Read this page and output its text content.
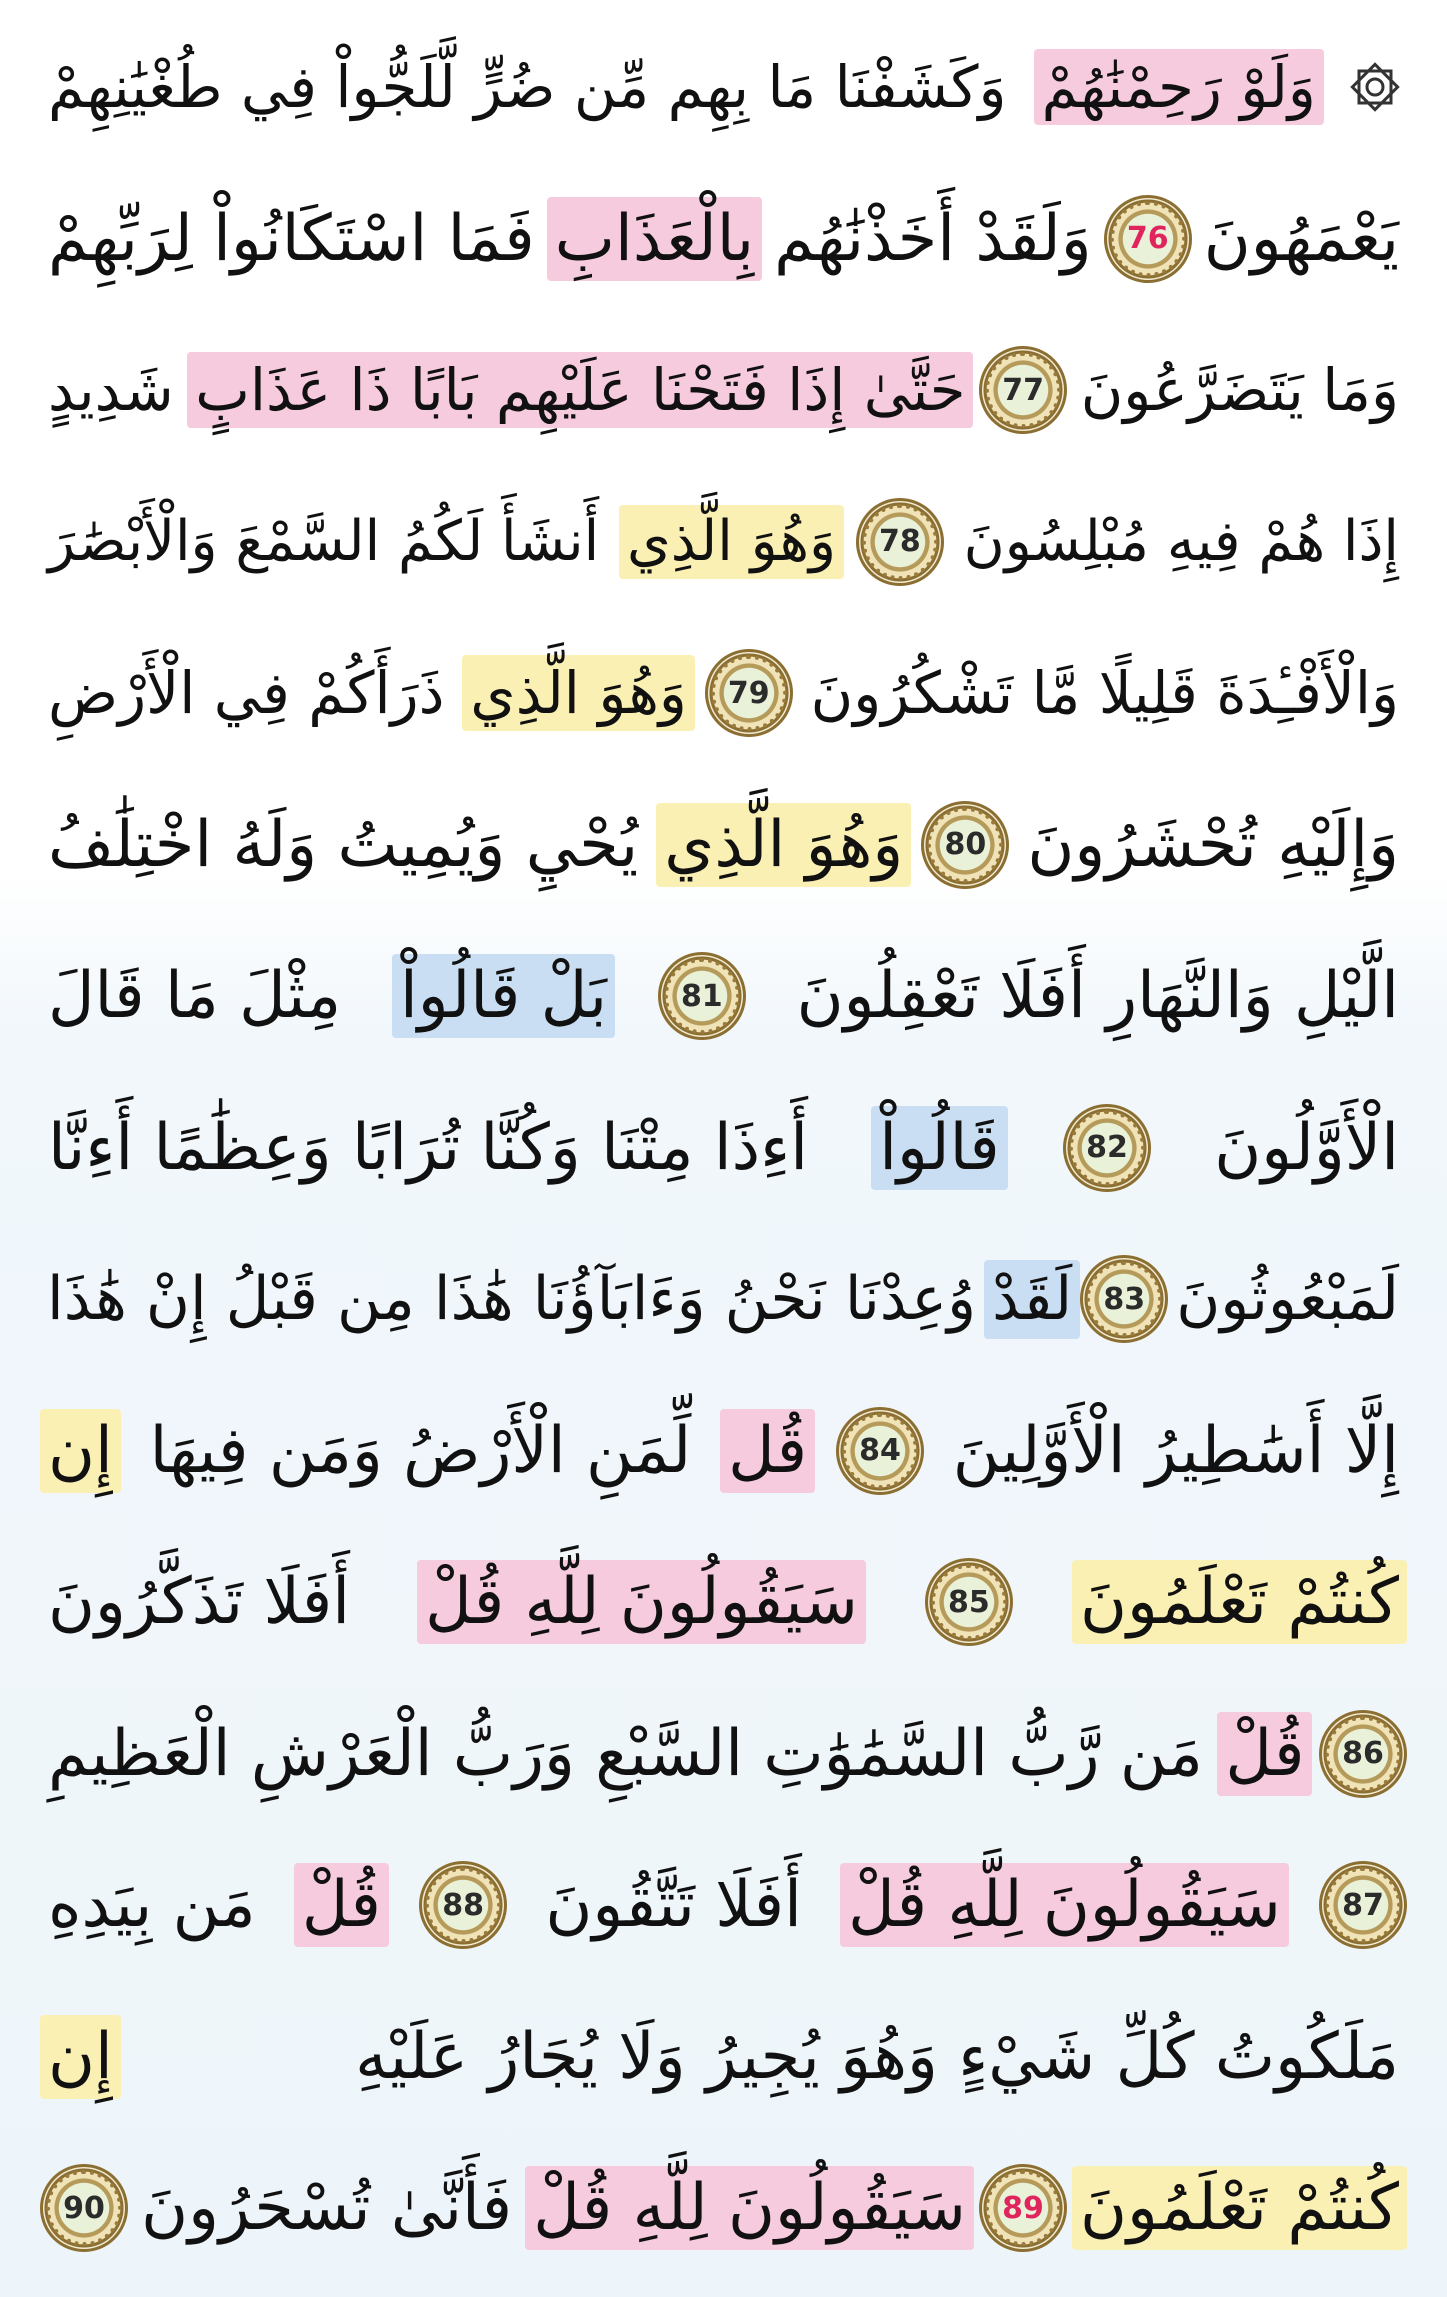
وَلَوْ رَحِمْنَٰهُمْ
وَكَشَفْنَا مَا بِهِم مِّن ضُرٍّ لَّلَجُّواْ فِي طُغْيَٰنِهِمْ
يَعْمَهُونَ
76
وَلَقَدْ أَخَذْنَٰهُم
بِالْعَذَابِ
فَمَا اسْتَكَانُواْ لِرَبِّهِمْ
وَمَا يَتَضَرَّعُونَ
77
حَتَّىٰ إِذَا فَتَحْنَا عَلَيْهِم بَابًا ذَا عَذَابٍ
شَدِيدٍ
إِذَا هُمْ فِيهِ مُبْلِسُونَ
78
وَهُوَ الَّذِي
أَنشَأَ لَكُمُ السَّمْعَ وَالْأَبْصَٰرَ
وَالْأَفْـِٔدَةَ قَلِيلًا مَّا تَشْكُرُونَ
79
وَهُوَ الَّذِي
ذَرَأَكُمْ فِي الْأَرْضِ
وَإِلَيْهِ تُحْشَرُونَ
80
وَهُوَ الَّذِي
يُحْيِ وَيُمِيتُ وَلَهُ اخْتِلَٰفُ
الَّيْلِ وَالنَّهَارِ أَفَلَا تَعْقِلُونَ
81
بَلْ قَالُواْ
مِثْلَ مَا قَالَ
الْأَوَّلُونَ
82
قَالُواْ
أَءِذَا مِتْنَا وَكُنَّا تُرَابًا وَعِظَٰمًا أَءِنَّا
لَمَبْعُوثُونَ
83
لَقَدْ
وُعِدْنَا نَحْنُ وَءَابَآؤُنَا هَٰذَا مِن قَبْلُ إِنْ هَٰذَا
إِلَّا أَسَٰطِيرُ الْأَوَّلِينَ
84
قُل
لِّمَنِ الْأَرْضُ وَمَن فِيهَا
إِن
كُنتُمْ تَعْلَمُونَ
85
سَيَقُولُونَ لِلَّهِ قُلْ
أَفَلَا تَذَكَّرُونَ
86
قُلْ
مَن رَّبُّ السَّمَٰوَٰتِ السَّبْعِ وَرَبُّ الْعَرْشِ الْعَظِيمِ
87
سَيَقُولُونَ لِلَّهِ قُلْ
أَفَلَا تَتَّقُونَ
88
قُلْ
مَن بِيَدِهِ
مَلَكُوتُ كُلِّ شَيْءٍ وَهُوَ يُجِيرُ وَلَا يُجَارُ عَلَيْهِ
إِن
كُنتُمْ تَعْلَمُونَ
89
سَيَقُولُونَ لِلَّهِ قُلْ
فَأَنَّىٰ تُسْحَرُونَ
90
